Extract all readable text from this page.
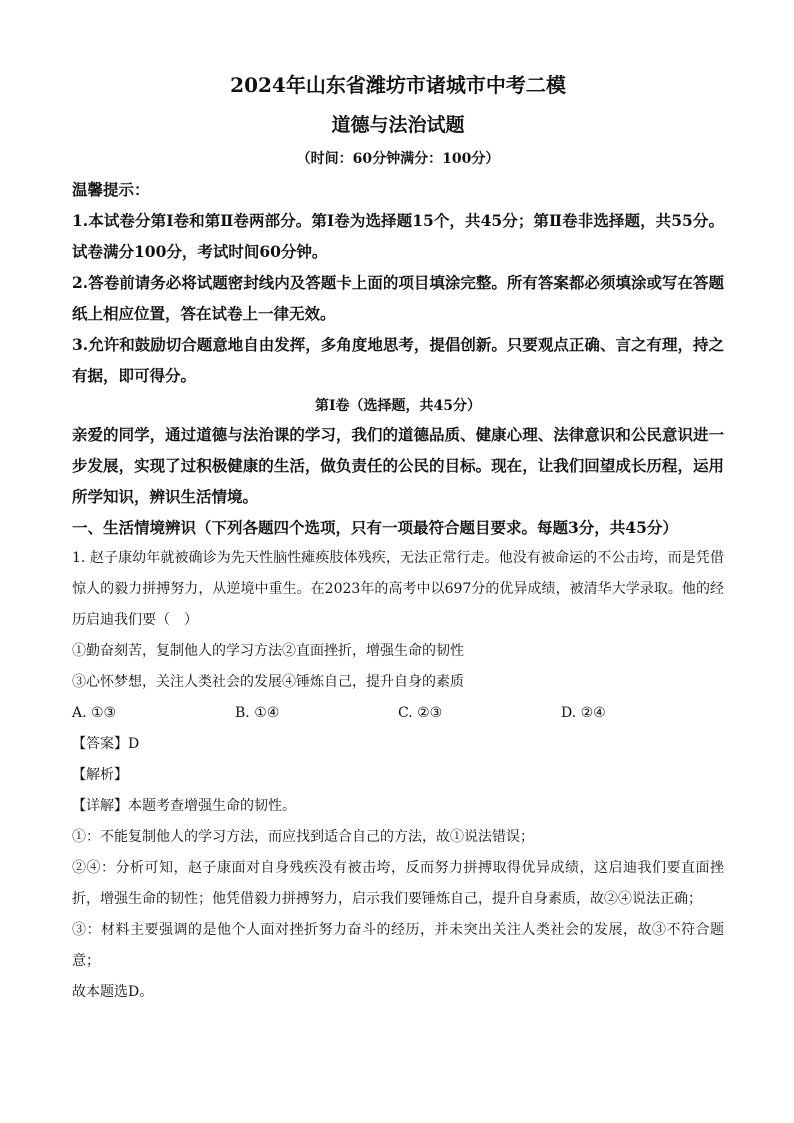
2024年山东省潍坊市诸城市中考二模
道德与法治试题
（时间：60分钟满分：100分）

温馨提示：

1.本试卷分第Ⅰ卷和第Ⅱ卷两部分。第Ⅰ卷为选择题15个，共45分；第Ⅱ卷非选择题，共55分。试卷满分100分，考试时间60分钟。

2.答卷前请务必将试题密封线内及答题卡上面的项目填涂完整。所有答案都必须填涂或写在答题纸上相应位置，答在试卷上一律无效。

3.允许和鼓励切合题意地自由发挥，多角度地思考，提倡创新。只要观点正确、言之有理，持之有据，即可得分。

第Ⅰ卷（选择题，共45分）

亲爱的同学，通过道德与法治课的学习，我们的道德品质、健康心理、法律意识和公民意识进一步发展，实现了过积极健康的生活，做负责任的公民的目标。现在，让我们回望成长历程，运用所学知识，辨识生活情境。

一、生活情境辨识（下列各题四个选项，只有一项最符合题目要求。每题3分，共45分）

1. 赵子康幼年就被确诊为先天性脑性瘫痪肢体残疾，无法正常行走。他没有被命运的不公击垮，而是凭借惊人的毅力拼搏努力，从逆境中重生。在2023年的高考中以697分的优异成绩，被清华大学录取。他的经历启迪我们要（　）

①勤奋刻苦，复制他人的学习方法②直面挫折，增强生命的韧性

③心怀梦想，关注人类社会的发展④锤炼自己，提升自身的素质

A. ①③	B. ①④	C. ②③	D. ②④

【答案】D

【解析】

【详解】本题考查增强生命的韧性。

①：不能复制他人的学习方法，而应找到适合自己的方法，故①说法错误；

②④：分析可知，赵子康面对自身残疾没有被击垮，反而努力拼搏取得优异成绩，这启迪我们要直面挫折，增强生命的韧性；他凭借毅力拼搏努力，启示我们要锤炼自己，提升自身素质，故②④说法正确；

③：材料主要强调的是他个人面对挫折努力奋斗的经历，并未突出关注人类社会的发展，故③不符合题意；

故本题选D。
